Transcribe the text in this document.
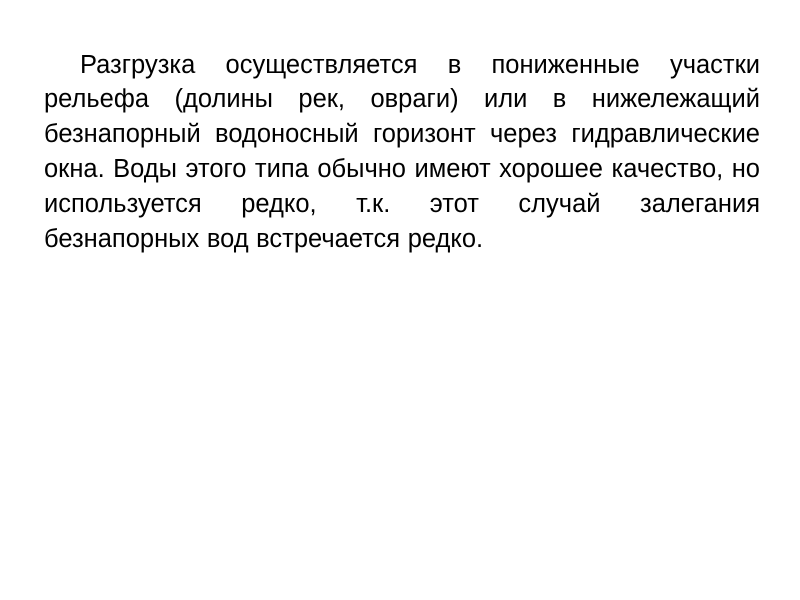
Разгрузка осуществляется в пониженные участки рельефа (долины рек, овраги) или в нижележащий безнапорный водоносный горизонт через гидравлические окна. Воды этого типа обычно имеют хорошее качество, но используется редко, т.к. этот случай залегания безнапорных вод встречается редко.
